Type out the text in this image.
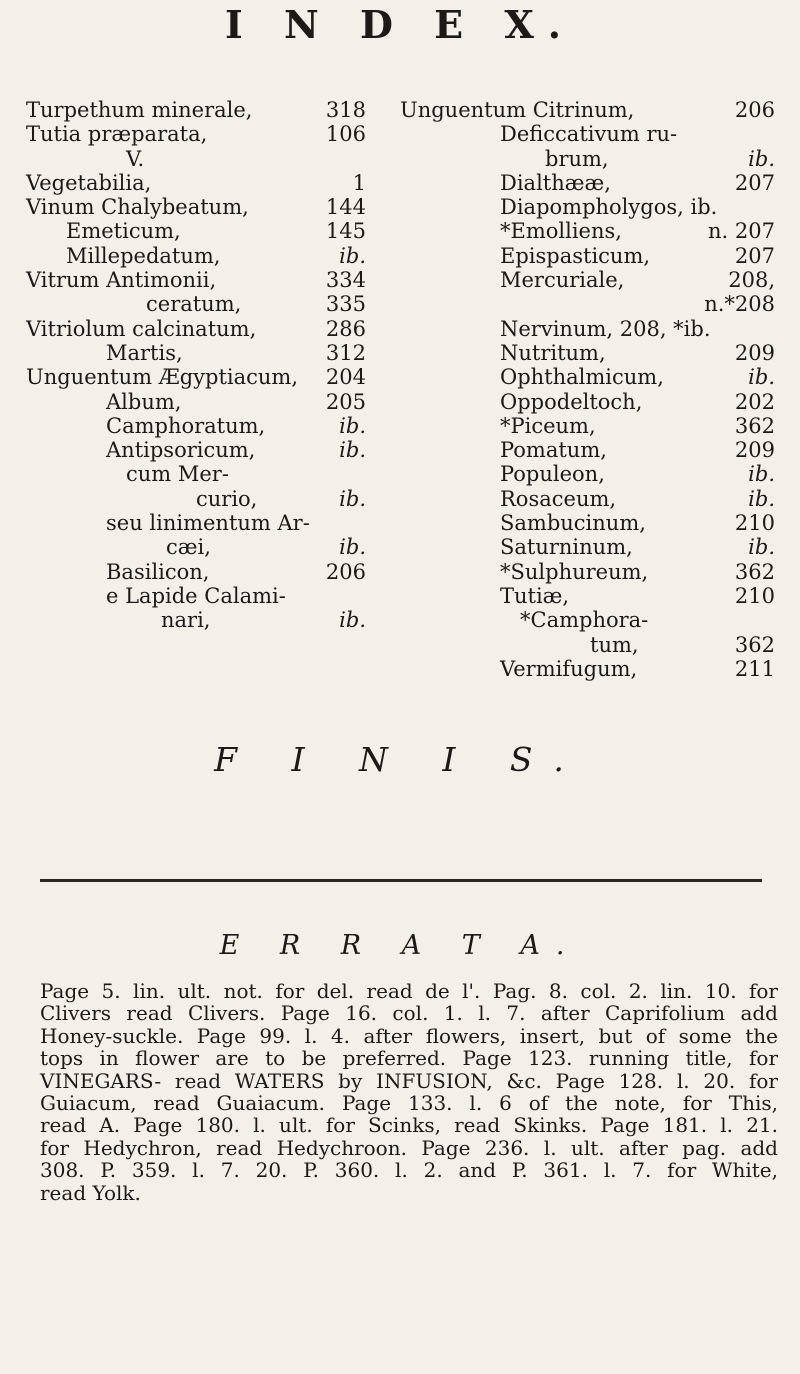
I N D E X.
Turpethum minerale,	318
Tutia præparata,	106
V.
Vegetabilia,	1
Vinum Chalybeatum,	144
Emeticum,	145
Millepedatum,	ib.
Vitrum Antimonii,	334
ceratum,	335
Vitriolum calcinatum,	286
Martis,	312
Unguentum Ægyptiacum, 204
Album,	205
Camphoratum,	ib.
Antipsoricum,	ib.
cum Mer-
curio,	ib.
seu linimentum Ar-
cæi,	ib.
Basilicon,	206
e Lapide Calami-
nari,	ib.
Unguentum Citrinum,	206
Deficcativum ru-
brum,	ib.
Dialthææ,	207
Diapompholygos, ib.
*Emolliens,	n. 207
Epispasticum,	207
Mercuriale,	208,
n.*208
Nervinum, 208, *ib.
Nutritum,	209
Ophthalmicum,	ib.
Oppodeltoch,	202
*Piceum,	362
Pomatum,	209
Populeon,	ib.
Rosaceum,	ib.
Sambucinum,	210
Saturninum,	ib.
*Sulphureum,	362
Tutiæ,	210
*Camphora-
tum,	362
Vermifugum,	211
F I N I S.
E R R A T A.
Page 5. lin. ult. not. for del. read de l'. Pag. 8. col. 2. lin. 10. for
Clivers read Clivers. Page 16. col. 1. l. 7. after Caprifolium add
Honey-suckle. Page 99. l. 4. after flowers, insert, but of some the
tops in flower are to be preferred. Page 123. running title, for
VINEGARS- read WATERS by INFUSION, &c. Page 128. l. 20. for
Guiacum, read Guaiacum. Page 133. l. 6 of the note, for This,
read A. Page 180. l. ult. for Scinks, read Skinks. Page 181. l. 21.
for Hedychron, read Hedychroon. Page 236. l. ult. after pag. add
308. P. 359. l. 7. 20. P. 360. l. 2. and P. 361. l. 7. for White,
read Yolk.
